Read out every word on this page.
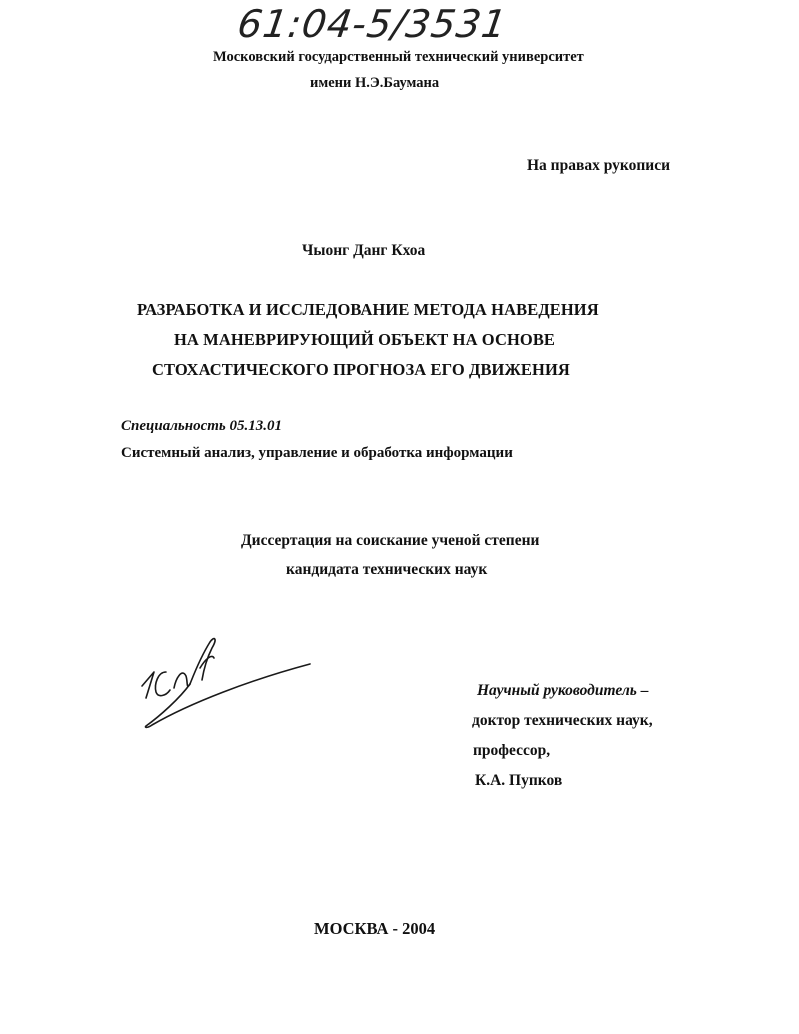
61:04-5/3531
Московский государственный технический университет
имени Н.Э.Баумана
На правах рукописи
Чыонг Данг Кхоа
РАЗРАБОТКА И ИССЛЕДОВАНИЕ МЕТОДА НАВЕДЕНИЯ
НА МАНЕВРИРУЮЩИЙ ОБЪЕКТ НА ОСНОВЕ
СТОХАСТИЧЕСКОГО ПРОГНОЗА ЕГО ДВИЖЕНИЯ
Специальность 05.13.01
Системный анализ, управление и обработка информации
Диссертация на соискание ученой степени
кандидата технических наук
Научный руководитель –
доктор технических наук,
профессор,
К.А. Пупков
МОСКВА - 2004
